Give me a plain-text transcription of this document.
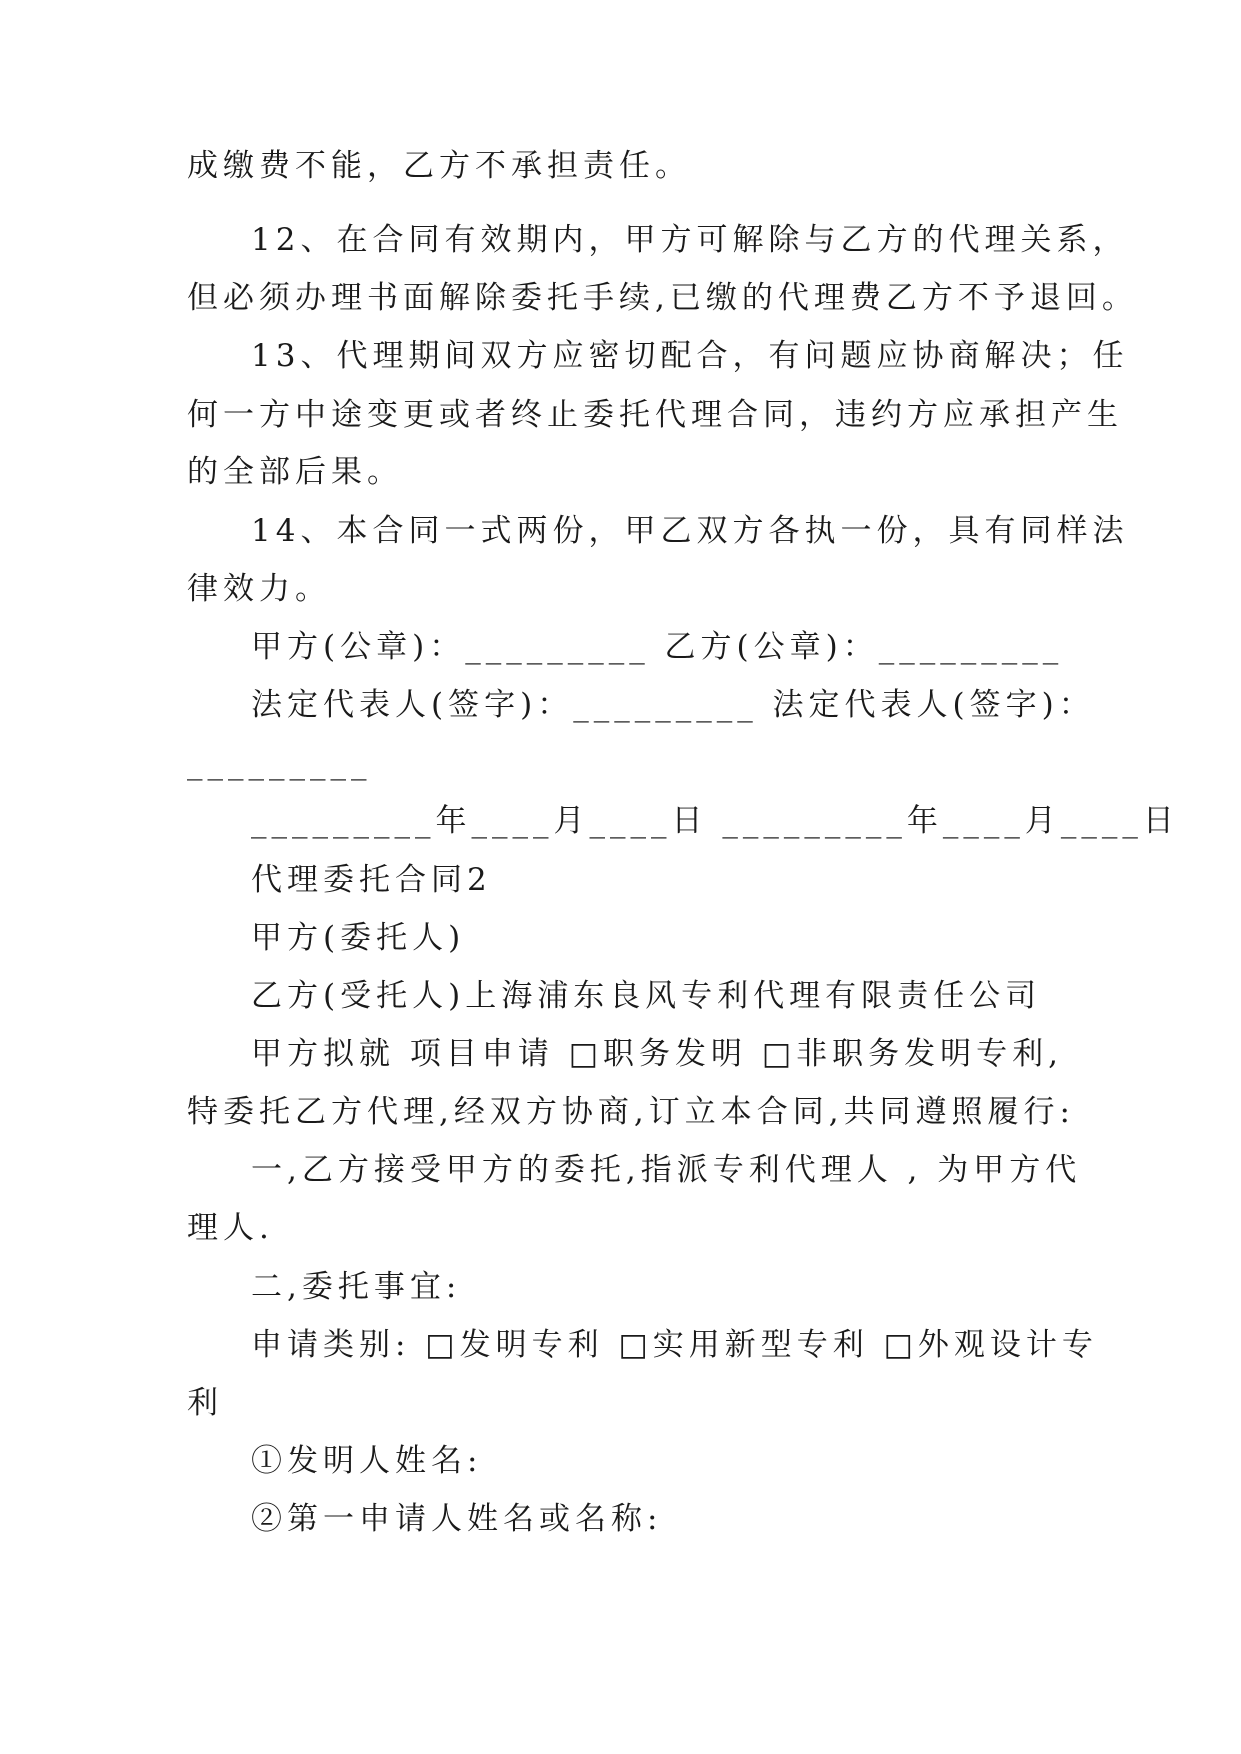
成缴费不能，乙方不承担责任。
12、在合同有效期内，甲方可解除与乙方的代理关系，
但必须办理书面解除委托手续,已缴的代理费乙方不予退回。
13、代理期间双方应密切配合，有问题应协商解决；任
何一方中途变更或者终止委托代理合同，违约方应承担产生
的全部后果。
14、本合同一式两份，甲乙双方各执一份，具有同样法
律效力。
甲方(公章)：_________ 乙方(公章)：_________
法定代表人(签字)：_________ 法定代表人(签字)：
_________
_________年____月____日 _________年____月____日
代理委托合同2
甲方(委托人)
乙方(受托人)上海浦东良风专利代理有限责任公司
甲方拟就 项目申请 □职务发明 □非职务发明专利,
特委托乙方代理,经双方协商,订立本合同,共同遵照履行:
一,乙方接受甲方的委托,指派专利代理人 , 为甲方代
理人.
二,委托事宜:
申请类别: □发明专利 □实用新型专利 □外观设计专
利
①发明人姓名:
②第一申请人姓名或名称:
